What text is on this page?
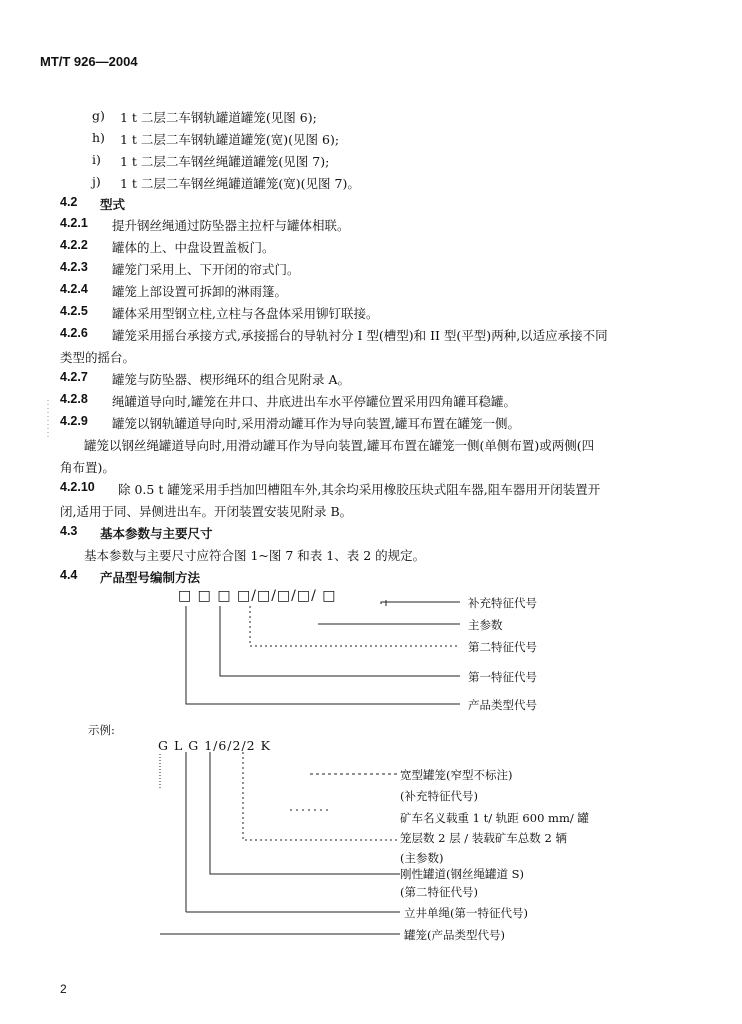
MT/T 926—2004
g) 1 t 二层二车钢轨罐道罐笼(见图 6);
h) 1 t 二层二车钢轨罐道罐笼(宽)(见图 6);
i) 1 t 二层二车钢丝绳罐道罐笼(见图 7);
j) 1 t 二层二车钢丝绳罐道罐笼(宽)(见图 7)。
4.2 型式
4.2.1 提升钢丝绳通过防坠器主拉杆与罐体相联。
4.2.2 罐体的上、中盘设置盖板门。
4.2.3 罐笼门采用上、下开闭的帘式门。
4.2.4 罐笼上部设置可拆卸的淋雨篷。
4.2.5 罐体采用型钢立柱,立柱与各盘体采用铆钉联接。
4.2.6 罐笼采用摇台承接方式,承接摇台的导轨衬分 I 型(槽型)和 II 型(平型)两种,以适应承接不同
类型的摇台。
4.2.7 罐笼与防坠器、楔形绳环的组合见附录 A。
4.2.8 绳罐道导向时,罐笼在井口、井底进出车水平停罐位置采用四角罐耳稳罐。
4.2.9 罐笼以钢轨罐道导向时,采用滑动罐耳作为导向装置,罐耳布置在罐笼一侧。
罐笼以钢丝绳罐道导向时,用滑动罐耳作为导向装置,罐耳布置在罐笼一侧(单侧布置)或两侧(四
角布置)。
4.2.10 除 0.5 t 罐笼采用手挡加凹槽阻车外,其余均采用橡胶压块式阻车器,阻车器用开闭装置开
闭,适用于同、异侧进出车。开闭装置安装见附录 B。
4.3 基本参数与主要尺寸
基本参数与主要尺寸应符合图 1~图 7 和表 1、表 2 的规定。
4.4 产品型号编制方法
□ □ □ □/□/□/□/ □	补充特征代号
主参数
第二特征代号
第一特征代号
产品类型代号
示例:
G L G 1/6/2/2 K
宽型罐笼(窄型不标注)
(补充特征代号)
矿车名义载重 1 t/ 轨距 600 mm/ 罐
笼层数 2 层 / 装载矿车总数 2 辆
(主参数)
刚性罐道(钢丝绳罐道 S)
(第二特征代号)
立井单绳(第一特征代号)
罐笼(产品类型代号)
2
